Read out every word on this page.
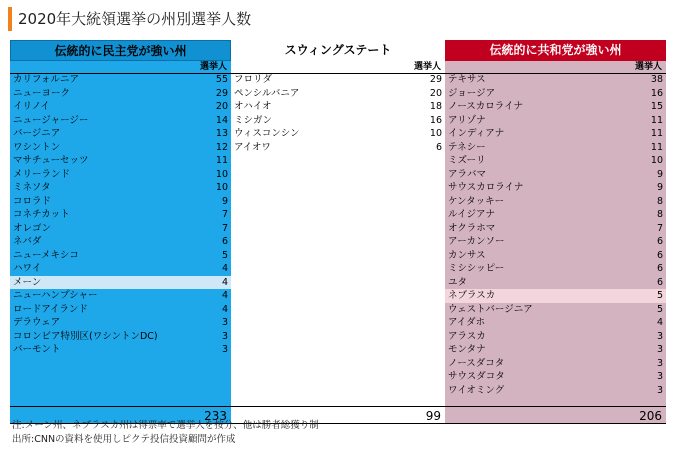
2020年大統領選挙の州別選挙人数
伝統的に民主党が強い州
選挙人
カリフォルニア	55
ニューヨーク	29
イリノイ	20
ニュージャージー	14
バージニア	13
ワシントン	12
マサチューセッツ	11
メリーランド	10
ミネソタ	10
コロラド	9
コネチカット	7
オレゴン	7
ネバダ	6
ニューメキシコ	5
ハワイ	4
メーン	4
ニューハンプシャー	4
ロードアイランド	4
デラウェア	3
コロンビア特別区(ワシントンDC)	3
バーモント	3
233
スウィングステート
選挙人
フロリダ	29
ペンシルバニア	20
オハイオ	18
ミシガン	16
ウィスコンシン	10
アイオワ	6
99
伝統的に共和党が強い州
選挙人
テキサス	38
ジョージア	16
ノースカロライナ	15
アリゾナ	11
インディアナ	11
テネシー	11
ミズーリ	10
アラバマ	9
サウスカロライナ	9
ケンタッキー	8
ルイジアナ	8
オクラホマ	7
アーカンソー	6
カンサス	6
ミシシッピー	6
ユタ	6
ネブラスカ	5
ウェストバージニア	5
アイダホ	4
アラスカ	3
モンタナ	3
ノースダコタ	3
サウスダコタ	3
ワイオミング	3
206
注:メーン州、ネブラスカ州は得票率で選挙人を按分、他は勝者総獲り制
出所:CNNの資料を使用しピクテ投信投資顧問が作成
